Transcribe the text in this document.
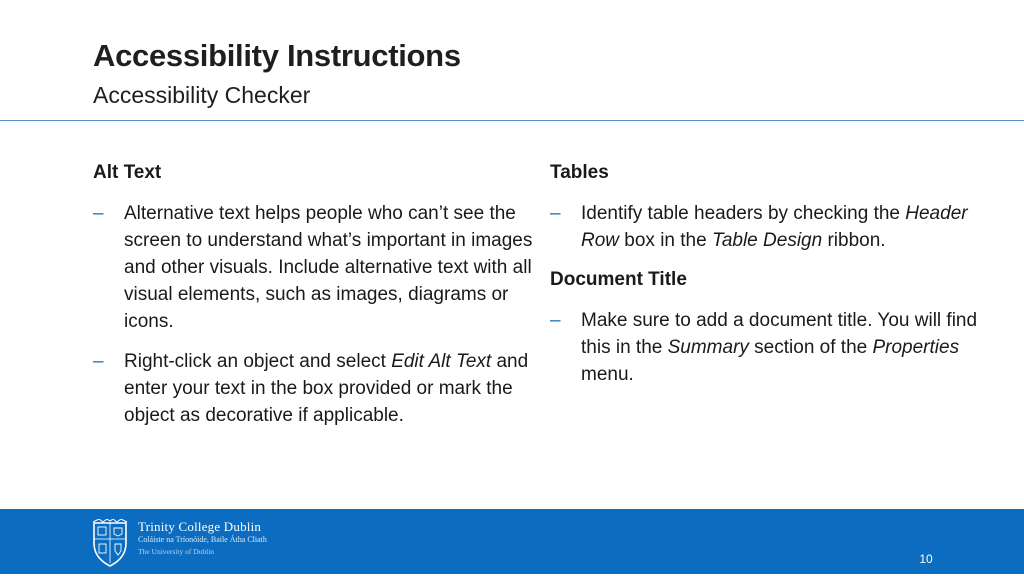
Accessibility Instructions
Accessibility Checker
Alt Text
– Alternative text helps people who can’t see the screen to understand what’s important in images and other visuals. Include alternative text with all visual elements, such as images, diagrams or icons.
– Right-click an object and select Edit Alt Text and enter your text in the box provided or mark the object as decorative if applicable.
Tables
– Identify table headers by checking the Header Row box in the Table Design ribbon.
Document Title
– Make sure to add a document title. You will find this in the Summary section of the Properties menu.
Trinity College Dublin
Coláiste na Tríonóide, Baile Átha Cliath
The University of Dublin
10
